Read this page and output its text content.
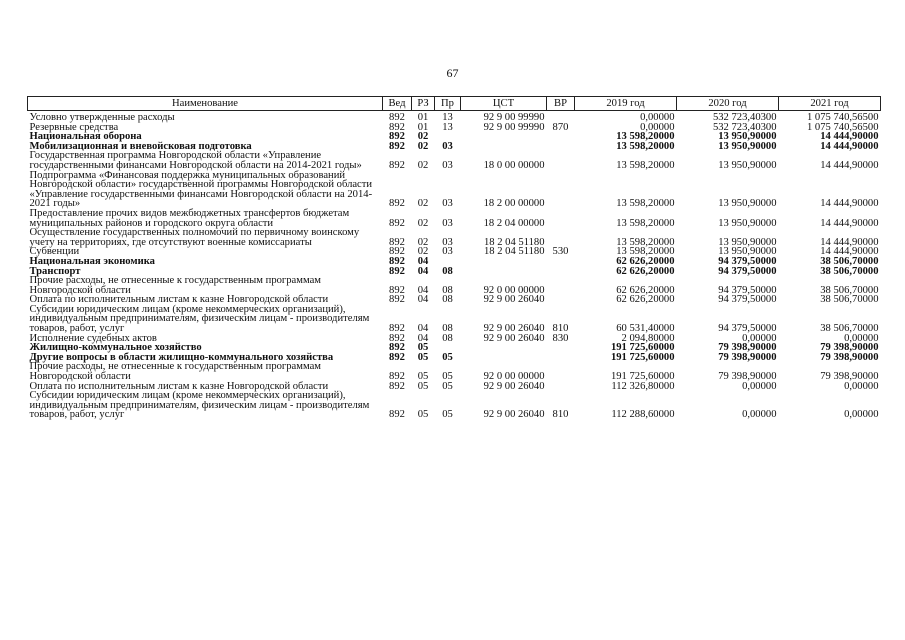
67
Наименование	Вед	РЗ	Пр	ЦСТ	ВР	2019 год	2020 год	2021 год

Условно утвержденные расходы	892	01	13	92 9 00 99990		0,00000	532 723,40300	1 075 740,56500
Резервные средства	892	01	13	92 9 00 99990	870	0,00000	532 723,40300	1 075 740,56500
Национальная оборона	892	02				13 598,20000	13 950,90000	14 444,90000
Мобилизационная и вневойсковая подготовка	892	02	03			13 598,20000	13 950,90000	14 444,90000
Государственная программа Новгородской области «Управление государственными финансами Новгородской области на 2014-2021 годы»	892	02	03	18 0 00 00000		13 598,20000	13 950,90000	14 444,90000
Подпрограмма «Финансовая поддержка муниципальных образований Новгородской области» государственной программы Новгородской области «Управление государственными финансами Новгородской области на 2014-2021 годы»	892	02	03	18 2 00 00000		13 598,20000	13 950,90000	14 444,90000
Предоставление прочих видов межбюджетных трансфертов бюджетам муниципальных районов и городского округа области	892	02	03	18 2 04 00000		13 598,20000	13 950,90000	14 444,90000
Осуществление государственных полномочий по первичному воинскому учету на территориях, где отсутствуют военные комиссариаты	892	02	03	18 2 04 51180		13 598,20000	13 950,90000	14 444,90000
Субвенции	892	02	03	18 2 04 51180	530	13 598,20000	13 950,90000	14 444,90000
Национальная экономика	892	04				62 626,20000	94 379,50000	38 506,70000
Транспорт	892	04	08			62 626,20000	94 379,50000	38 506,70000
Прочие расходы, не отнесенные к государственным программам Новгородской области	892	04	08	92 0 00 00000		62 626,20000	94 379,50000	38 506,70000
Оплата по исполнительным листам к казне Новгородской области	892	04	08	92 9 00 26040		62 626,20000	94 379,50000	38 506,70000
Субсидии юридическим лицам (кроме некоммерческих организаций), индивидуальным предпринимателям, физическим лицам - производителям товаров, работ, услуг	892	04	08	92 9 00 26040	810	60 531,40000	94 379,50000	38 506,70000
Исполнение судебных актов	892	04	08	92 9 00 26040	830	2 094,80000	0,00000	0,00000
Жилищно-коммунальное хозяйство	892	05				191 725,60000	79 398,90000	79 398,90000
Другие вопросы в области жилищно-коммунального хозяйства	892	05	05			191 725,60000	79 398,90000	79 398,90000
Прочие расходы, не отнесенные к государственным программам Новгородской области	892	05	05	92 0 00 00000		191 725,60000	79 398,90000	79 398,90000
Оплата по исполнительным листам к казне Новгородской области	892	05	05	92 9 00 26040		112 326,80000	0,00000	0,00000
Субсидии юридическим лицам (кроме некоммерческих организаций), индивидуальным предпринимателям, физическим лицам - производителям товаров, работ, услуг	892	05	05	92 9 00 26040	810	112 288,60000	0,00000	0,00000
